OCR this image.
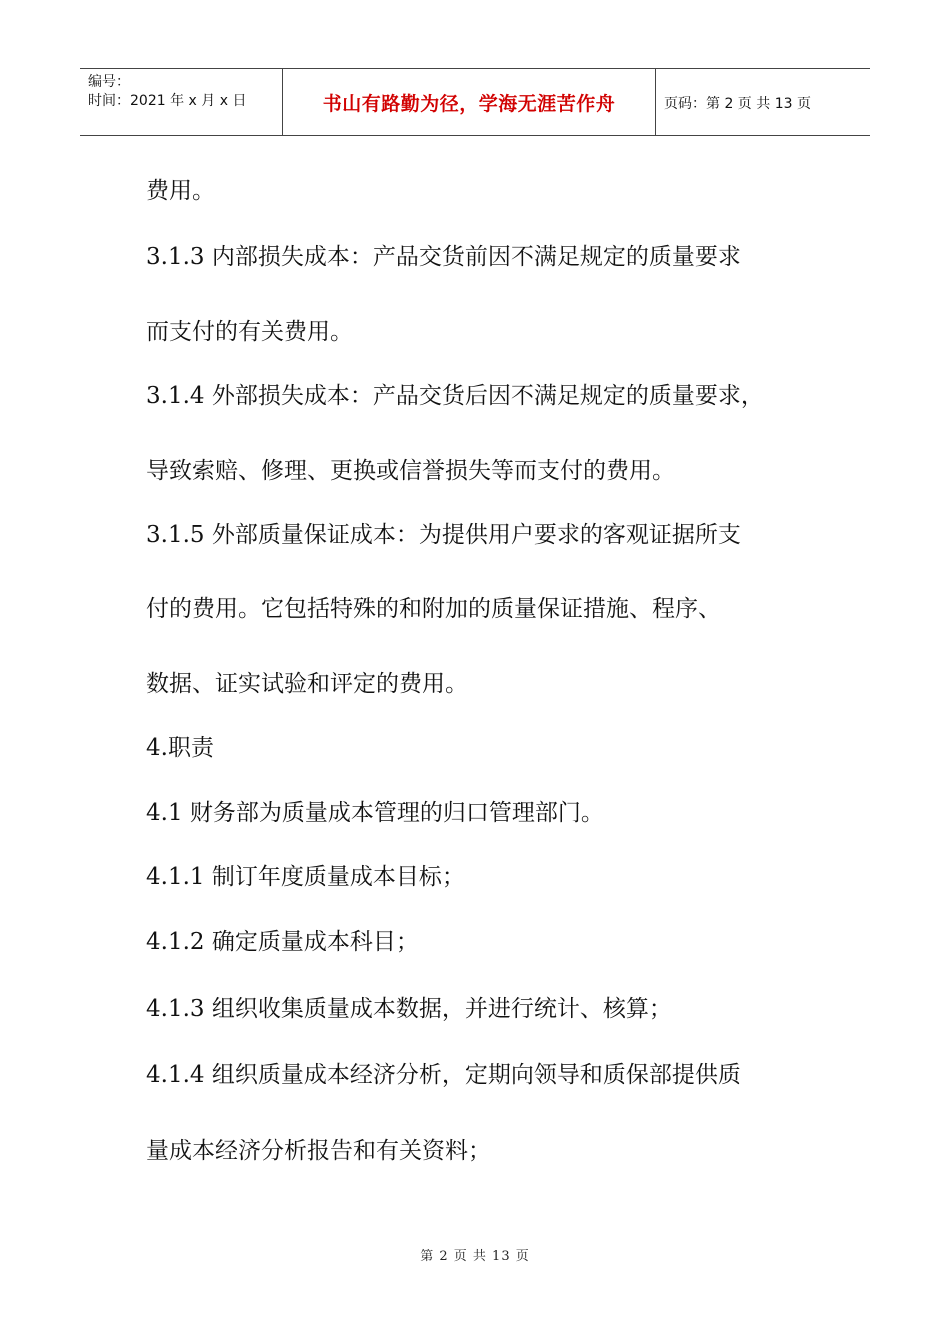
编号：
时间：2021 年 x 月 x 日	书山有路勤为径，学海无涯苦作舟	页码：第 2 页 共 13 页
费用。
3.1.3 内部损失成本：产品交货前因不满足规定的质量要求
而支付的有关费用。
3.1.4 外部损失成本：产品交货后因不满足规定的质量要求，
导致索赔、修理、更换或信誉损失等而支付的费用。
3.1.5 外部质量保证成本：为提供用户要求的客观证据所支
付的费用。它包括特殊的和附加的质量保证措施、程序、
数据、证实试验和评定的费用。
4.职责
4.1 财务部为质量成本管理的归口管理部门。
4.1.1 制订年度质量成本目标；
4.1.2 确定质量成本科目；
4.1.3 组织收集质量成本数据，并进行统计、核算；
4.1.4 组织质量成本经济分析，定期向领导和质保部提供质
量成本经济分析报告和有关资料；
第 2 页 共 13 页
